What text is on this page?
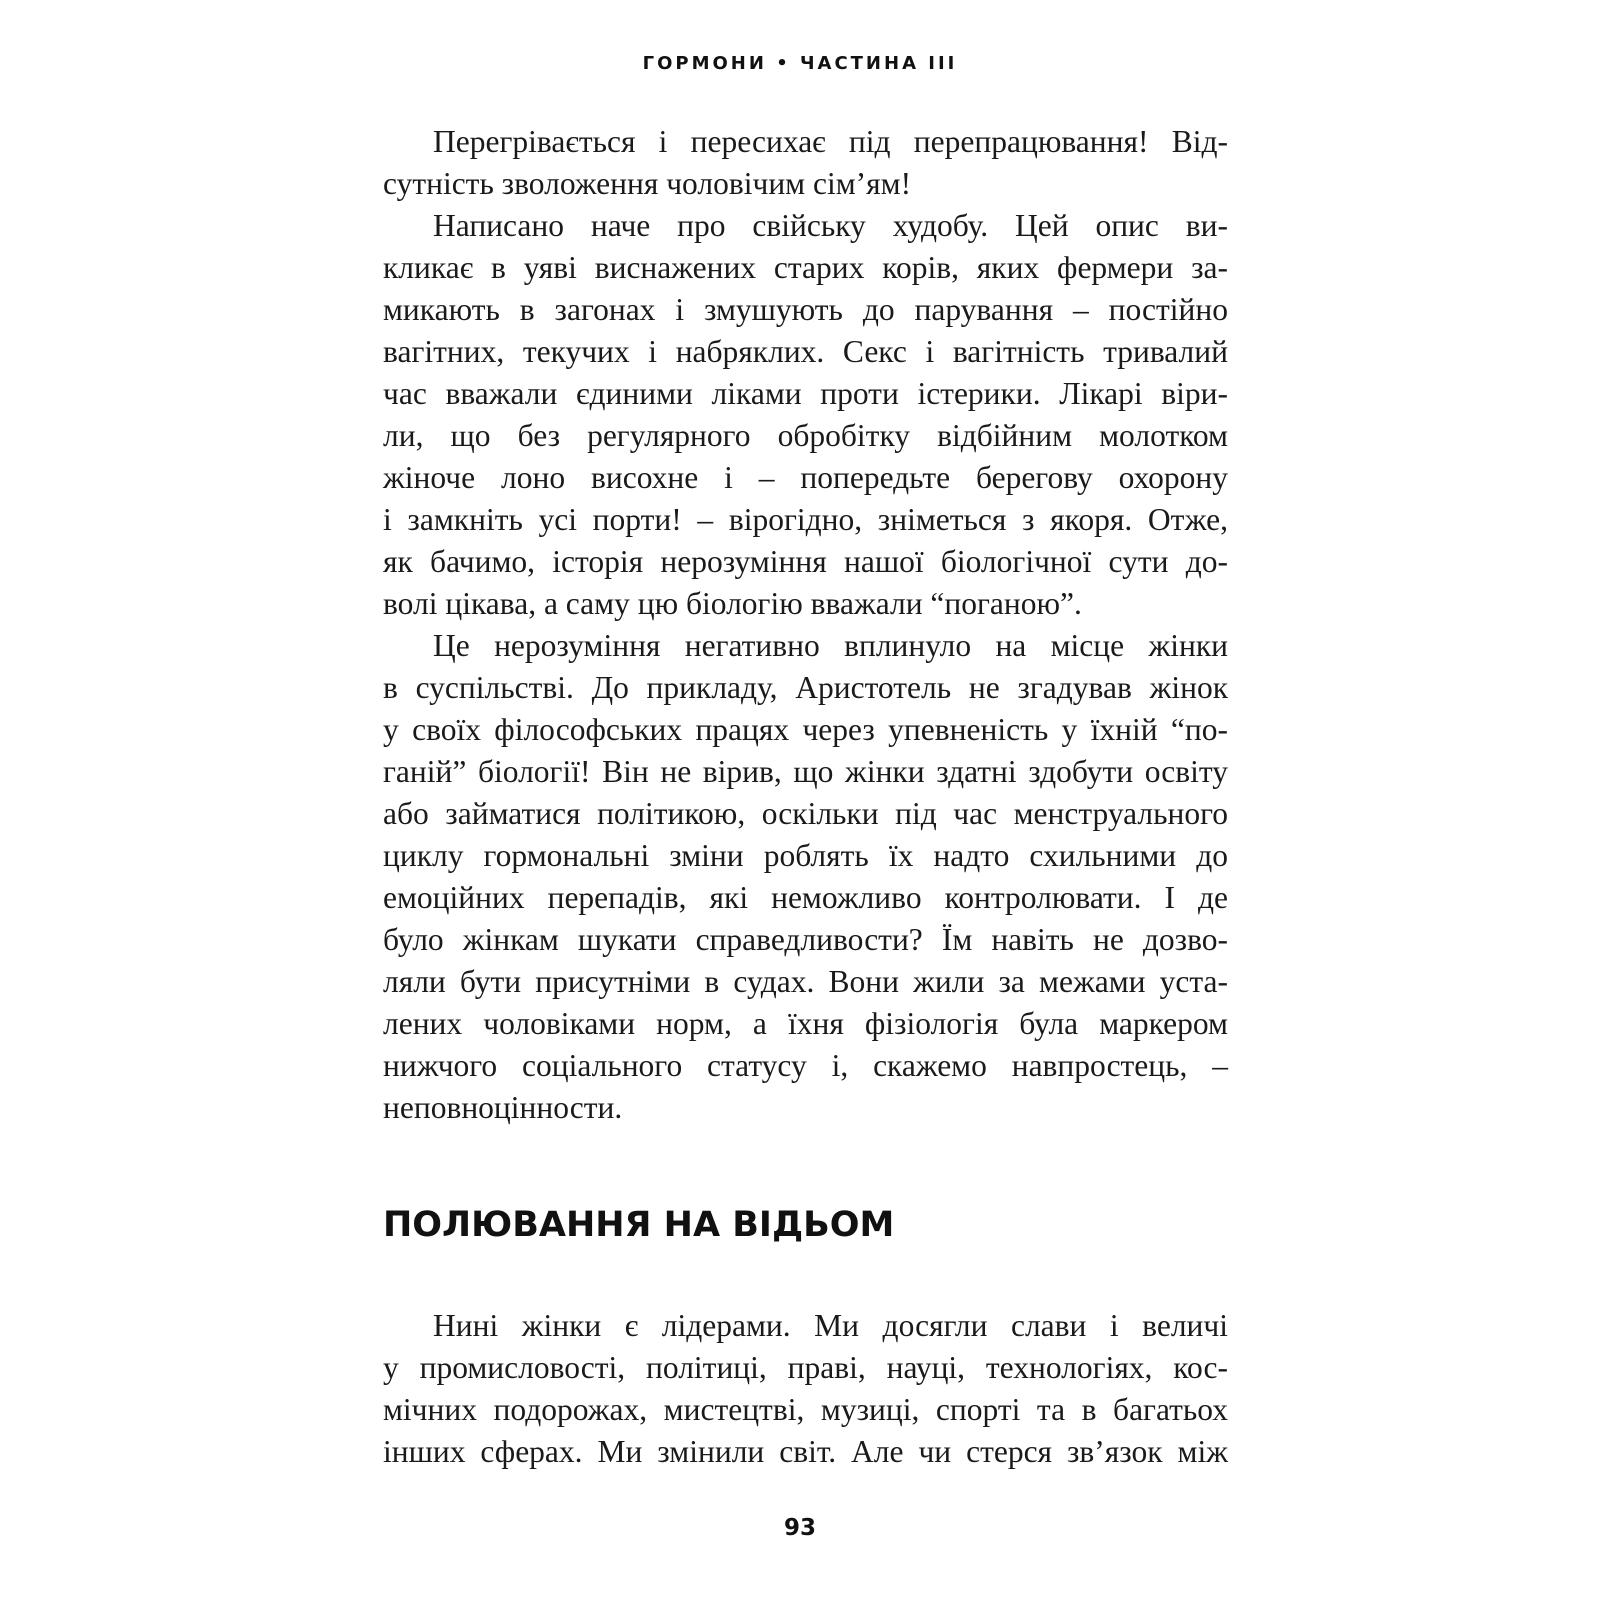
ГОРМОНИ • ЧАСТИНА III

Перегрівається і пересихає під перепрацювання! Від-

сутність зволоження чоловічим сім’ям!

Написано наче про свійську худобу. Цей опис ви-

кликає в уяві виснажених старих корів, яких фермери за-

микають в загонах і змушують до парування – постійно

вагітних, текучих і набряклих. Секс і вагітність тривалий

час вважали єдиними ліками проти істерики. Лікарі віри-

ли, що без регулярного обробітку відбійним молотком

жіноче лоно висохне і – попередьте берегову охорону

і замкніть усі порти! – вірогідно, зніметься з якоря. Отже,

як бачимо, історія нерозуміння нашої біологічної сути до-

волі цікава, а саму цю біологію вважали “поганою”.

Це нерозуміння негативно вплинуло на місце жінки

в суспільстві. До прикладу, Аристотель не згадував жінок

у своїх філософських працях через упевненість у їхній “по-

ганій” біології! Він не вірив, що жінки здатні здобути освіту

або займатися політикою, оскільки під час менструального

циклу гормональні зміни роблять їх надто схильними до

емоційних перепадів, які неможливо контролювати. І де

було жінкам шукати справедливости? Їм навіть не дозво-

ляли бути присутніми в судах. Вони жили за межами уста-

лених чоловіками норм, а їхня фізіологія була маркером

нижчого соціального статусу і, скажемо навпростець, –

неповноцінности.

ПОЛЮВАННЯ НА ВІДЬОМ

Нині жінки є лідерами. Ми досягли слави і величі

у промисловості, політиці, праві, науці, технологіях, кос-

мічних подорожах, мистецтві, музиці, спорті та в багатьох

інших сферах. Ми змінили світ. Але чи стерся зв’язок між

93
